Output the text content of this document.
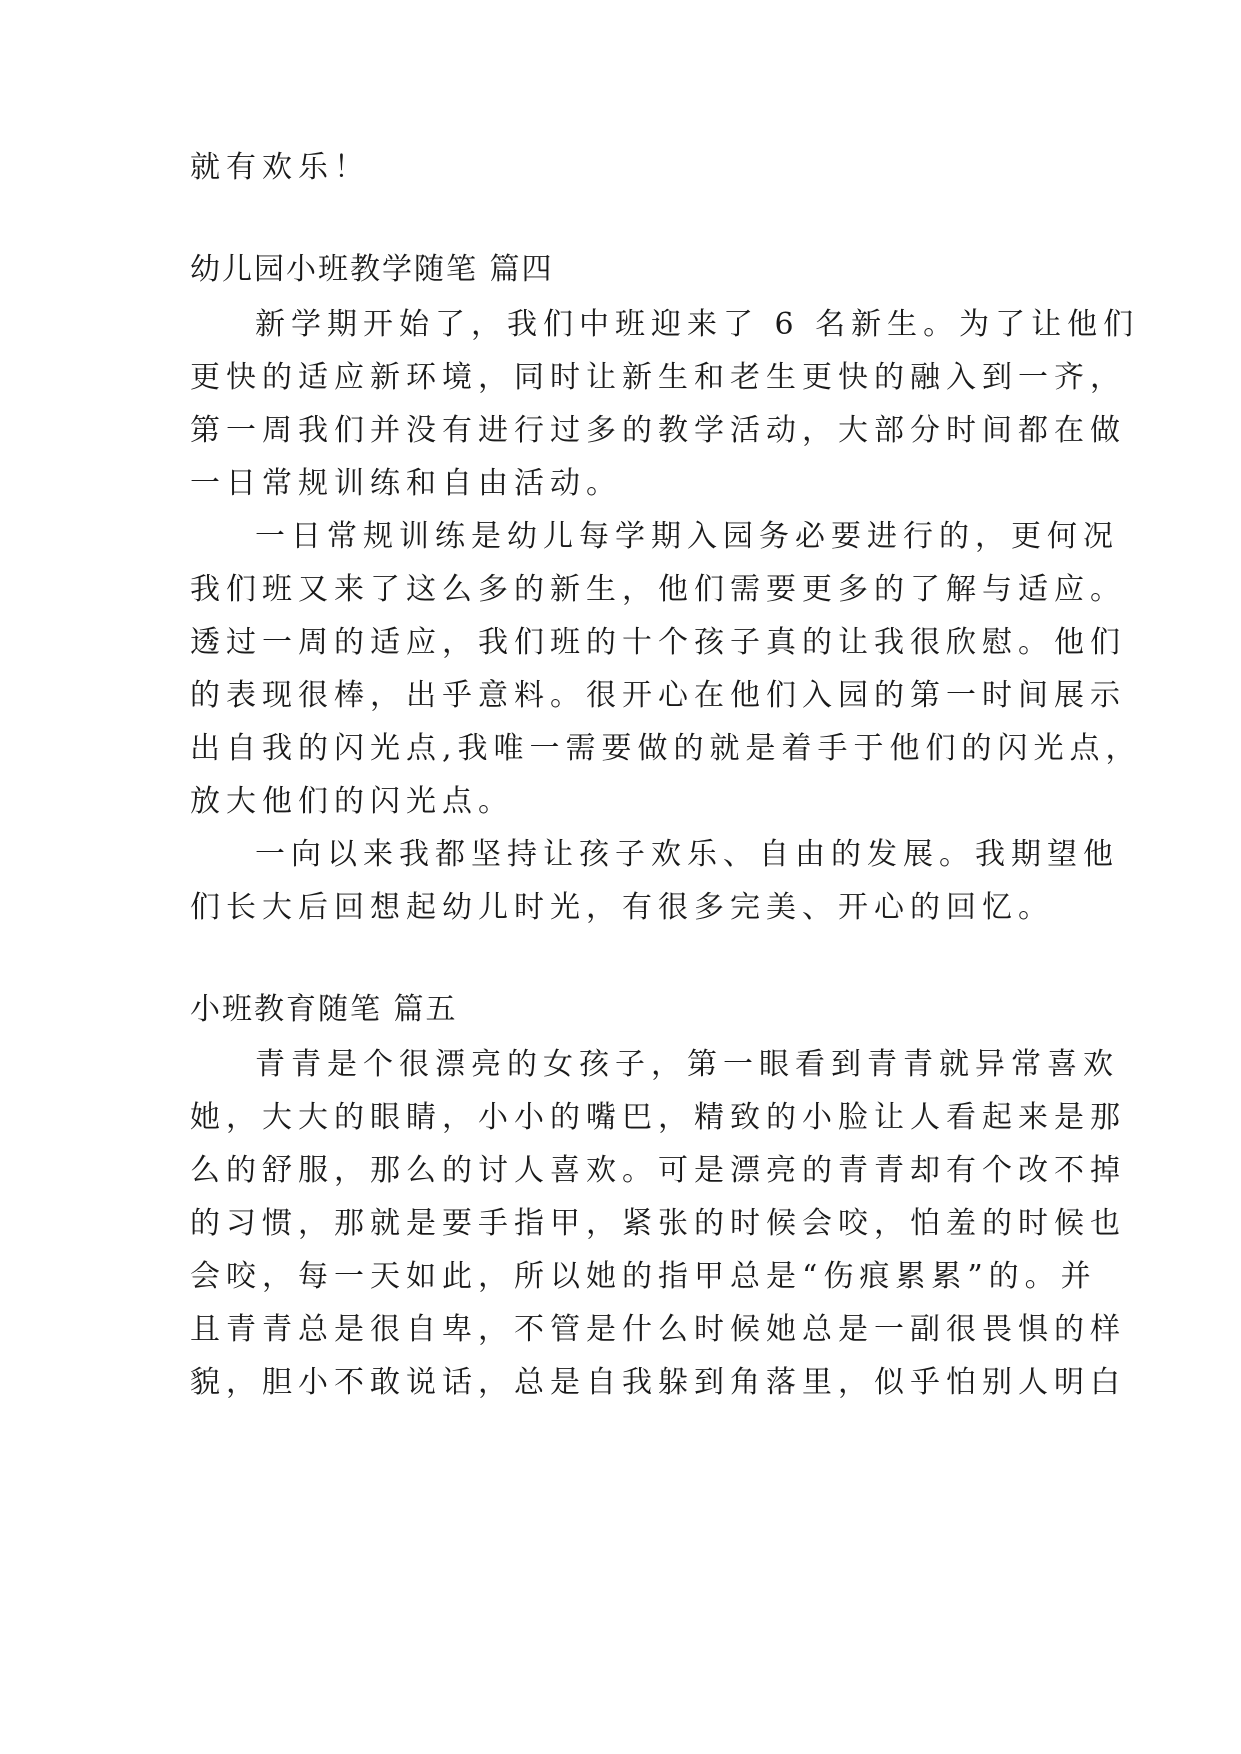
就有欢乐！
幼儿园小班教学随笔 篇四
新学期开始了，我们中班迎来了 6 名新生。为了让他们
更快的适应新环境，同时让新生和老生更快的融入到一齐，
第一周我们并没有进行过多的教学活动，大部分时间都在做
一日常规训练和自由活动。
一日常规训练是幼儿每学期入园务必要进行的，更何况
我们班又来了这么多的新生，他们需要更多的了解与适应。
透过一周的适应，我们班的十个孩子真的让我很欣慰。他们
的表现很棒，出乎意料。很开心在他们入园的第一时间展示
出自我的闪光点,我唯一需要做的就是着手于他们的闪光点，
放大他们的闪光点。
一向以来我都坚持让孩子欢乐、自由的发展。我期望他
们长大后回想起幼儿时光，有很多完美、开心的回忆。
小班教育随笔 篇五
青青是个很漂亮的女孩子，第一眼看到青青就异常喜欢
她，大大的眼睛，小小的嘴巴，精致的小脸让人看起来是那
么的舒服，那么的讨人喜欢。可是漂亮的青青却有个改不掉
的习惯，那就是要手指甲，紧张的时候会咬，怕羞的时候也
会咬，每一天如此，所以她的指甲总是“伤痕累累”的。并
且青青总是很自卑，不管是什么时候她总是一副很畏惧的样
貌，胆小不敢说话，总是自我躲到角落里，似乎怕别人明白
